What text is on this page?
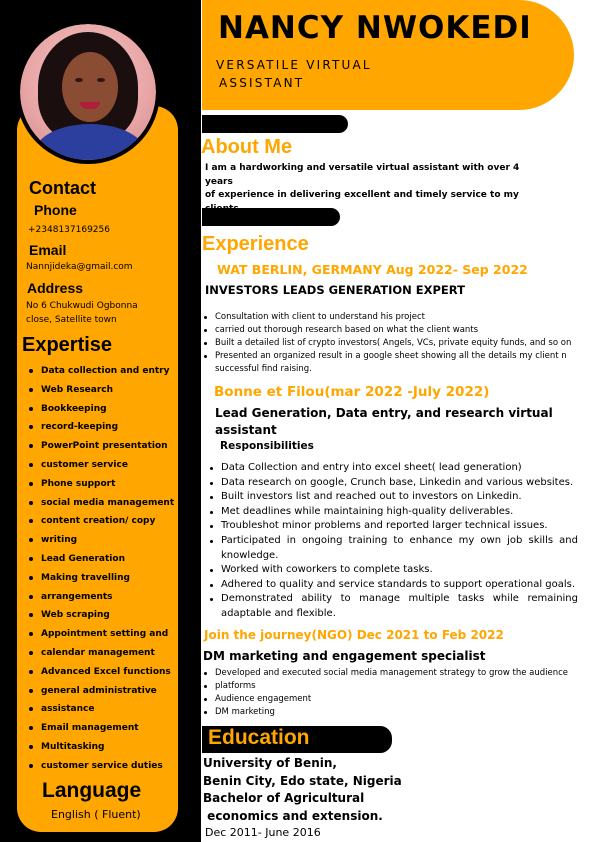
Contact
Phone
+2348137169256
Email
Nannjideka@gmail.com
Address
No 6 Chukwudi Ogbonna
close, Satellite town
Expertise
Data collection and entry
Web Research
Bookkeeping
record-keeping
PowerPoint presentation
customer service
Phone support
social media management
content creation/ copy
writing
Lead Generation
Making travelling
arrangements
Web scraping
Appointment setting and
calendar management
Advanced Excel functions
general administrative
assistance
Email management
Multitasking
customer service duties
Language
English ( Fluent)
NANCY NWOKEDI
VERSATILE VIRTUAL
ASSISTANT
About Me
I am a hardworking and versatile virtual assistant with over 4 years
of experience in delivering excellent and timely service to my
Experience
WAT BERLIN, GERMANY Aug 2022- Sep 2022
INVESTORS LEADS GENERATION EXPERT
Consultation with client to understand his project
carried out thorough research based on what the client wants
Built a detailed list of crypto investors( Angels, VCs, private equity funds, and so on
Presented an organized result in a google sheet showing all the details my client n
successful find raising.
Bonne et Filou(mar 2022 -July 2022)
Lead Generation, Data entry, and research virtual
assistant
Responsibilities
Data Collection and entry into excel sheet( lead generation)
Data research on google, Crunch base, Linkedin and various websites.
Built investors list and reached out to investors on Linkedin.
Met deadlines while maintaining high-quality deliverables.
Troubleshot minor problems and reported larger technical issues.
Participated in ongoing training to enhance my own job skills and knowledge.
Worked with coworkers to complete tasks.
Adhered to quality and service standards to support operational goals.
Demonstrated ability to manage multiple tasks while remaining adaptable and flexible.
Join the journey(NGO) Dec 2021 to Feb 2022
DM marketing and engagement specialist
Developed and executed social media management strategy to grow the audience
platforms
Audience engagement
DM marketing
Education
University of Benin,
Benin City, Edo state, Nigeria
Bachelor of Agricultural
economics and extension.
Dec 2011- June 2016
